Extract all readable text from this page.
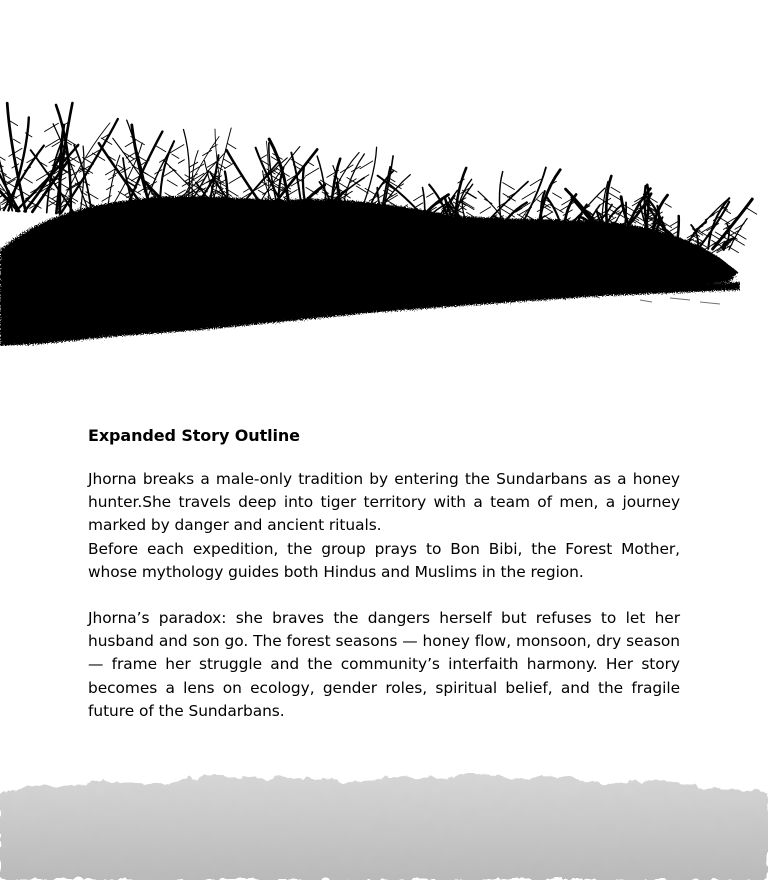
Expanded Story Outline

Jhorna breaks a male-only tradition by entering the Sundarbans as a honey hunter.She travels deep into tiger territory with a team of men, a journey marked by danger and ancient rituals.

Before each expedition, the group prays to Bon Bibi, the Forest Mother, whose mythology guides both Hindus and Muslims in the region.

Jhorna’s paradox: she braves the dangers herself but refuses to let her husband and son go. The forest seasons — honey flow, monsoon, dry season — frame her struggle and the community’s interfaith harmony. Her story becomes a lens on ecology, gender roles, spiritual belief, and the fragile future of the Sundarbans.
